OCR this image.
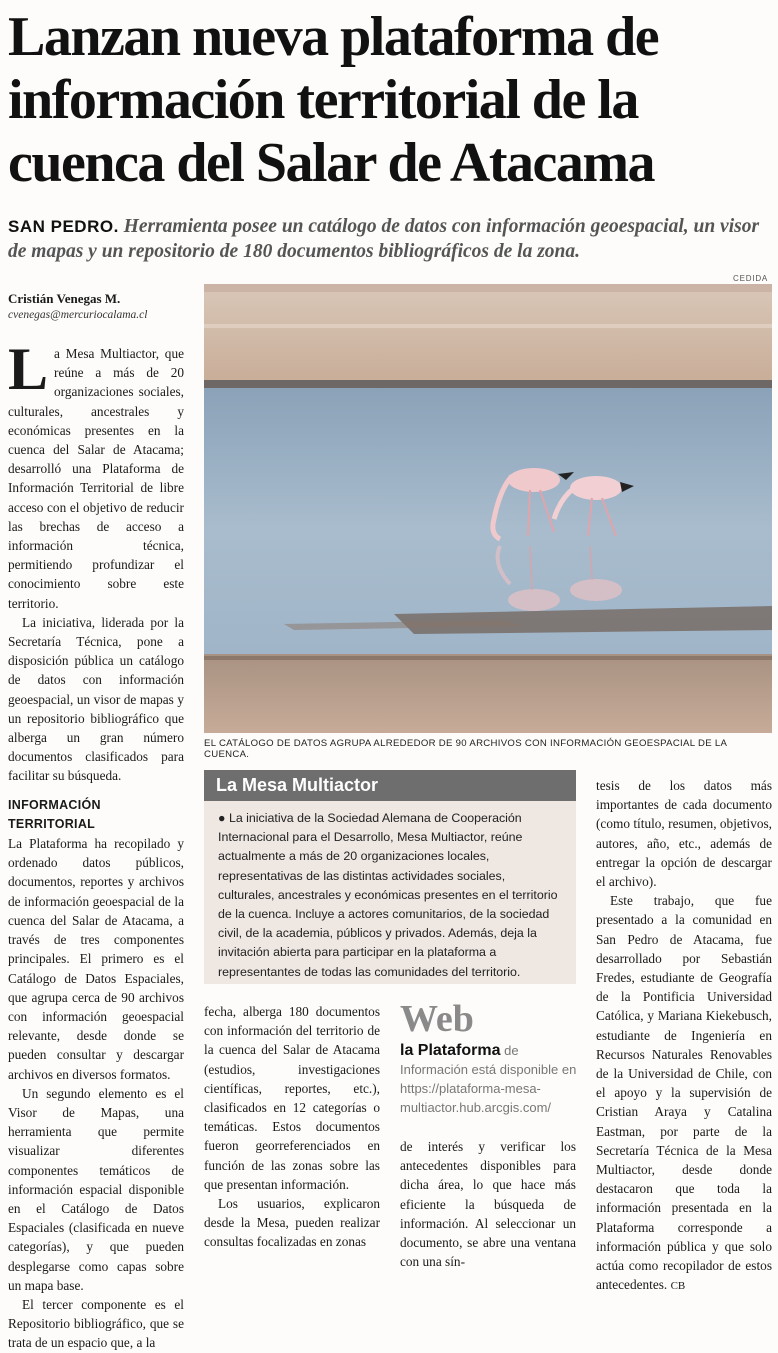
Lanzan nueva plataforma de información territorial de la cuenca del Salar de Atacama
SAN PEDRO. Herramienta posee un catálogo de datos con información geoespacial, un visor de mapas y un repositorio de 180 documentos bibliográficos de la zona.
CEDIDA
Cristián Venegas M.
cvenegas@mercuriocalama.cl

La Mesa Multiactor, que reúne a más de 20 organizaciones sociales, culturales, ancestrales y económicas presentes en la cuenca del Salar de Atacama; desarrolló una Plataforma de Información Territorial de libre acceso con el objetivo de reducir las brechas de acceso a información técnica, permitiendo profundizar el conocimiento sobre este territorio.

La iniciativa, liderada por la Secretaría Técnica, pone a disposición pública un catálogo de datos con información geoespacial, un visor de mapas y un repositorio bibliográfico que alberga un gran número documentos clasificados para facilitar su búsqueda.

INFORMACIÓN TERRITORIAL

La Plataforma ha recopilado y ordenado datos públicos, documentos, reportes y archivos de información geoespacial de la cuenca del Salar de Atacama, a través de tres componentes principales. El primero es el Catálogo de Datos Espaciales, que agrupa cerca de 90 archivos con información geoespacial relevante, desde donde se pueden consultar y descargar archivos en diversos formatos.

Un segundo elemento es el Visor de Mapas, una herramienta que permite visualizar diferentes componentes temáticos de información espacial disponible en el Catálogo de Datos Espaciales (clasificada en nueve categorías), y que pueden desplegarse como capas sobre un mapa base.

El tercer componente es el Repositorio bibliográfico, que se trata de un espacio que, a la

EL CATÁLOGO DE DATOS AGRUPA ALREDEDOR DE 90 ARCHIVOS CON INFORMACIÓN GEOESPACIAL DE LA CUENCA.
La Mesa Multiactor
● La iniciativa de la Sociedad Alemana de Cooperación Internacional para el Desarrollo, Mesa Multiactor, reúne actualmente a más de 20 organizaciones locales, representativas de las distintas actividades sociales, culturales, ancestrales y económicas presentes en el territorio de la cuenca. Incluye a actores comunitarios, de la sociedad civil, de la academia, públicos y privados. Además, deja la invitación abierta para participar en la plataforma a representantes de todas las comunidades del territorio.

fecha, alberga 180 documentos con información del territorio de la cuenca del Salar de Atacama (estudios, investigaciones científicas, reportes, etc.), clasificados en 12 categorías o temáticas. Estos documentos fueron georreferenciados en función de las zonas sobre las que presentan información.

Los usuarios, explicaron desde la Mesa, pueden realizar consultas focalizadas en zonas

Web
la Plataforma de Información está disponible en https://plataforma-mesa-multiactor.hub.arcgis.com/

de interés y verificar los antecedentes disponibles para dicha área, lo que hace más eficiente la búsqueda de información. Al seleccionar un documento, se abre una ventana con una sín-

tesis de los datos más importantes de cada documento (como título, resumen, objetivos, autores, año, etc., además de entregar la opción de descargar el archivo).

Este trabajo, que fue presentado a la comunidad en San Pedro de Atacama, fue desarrollado por Sebastián Fredes, estudiante de Geografía de la Pontificia Universidad Católica, y Mariana Kiekebusch, estudiante de Ingeniería en Recursos Naturales Renovables de la Universidad de Chile, con el apoyo y la supervisión de Cristian Araya y Catalina Eastman, por parte de la Secretaría Técnica de la Mesa Multiactor, desde donde destacaron que toda la información presentada en la Plataforma corresponde a información pública y que solo actúa como recopilador de estos antecedentes. CB
